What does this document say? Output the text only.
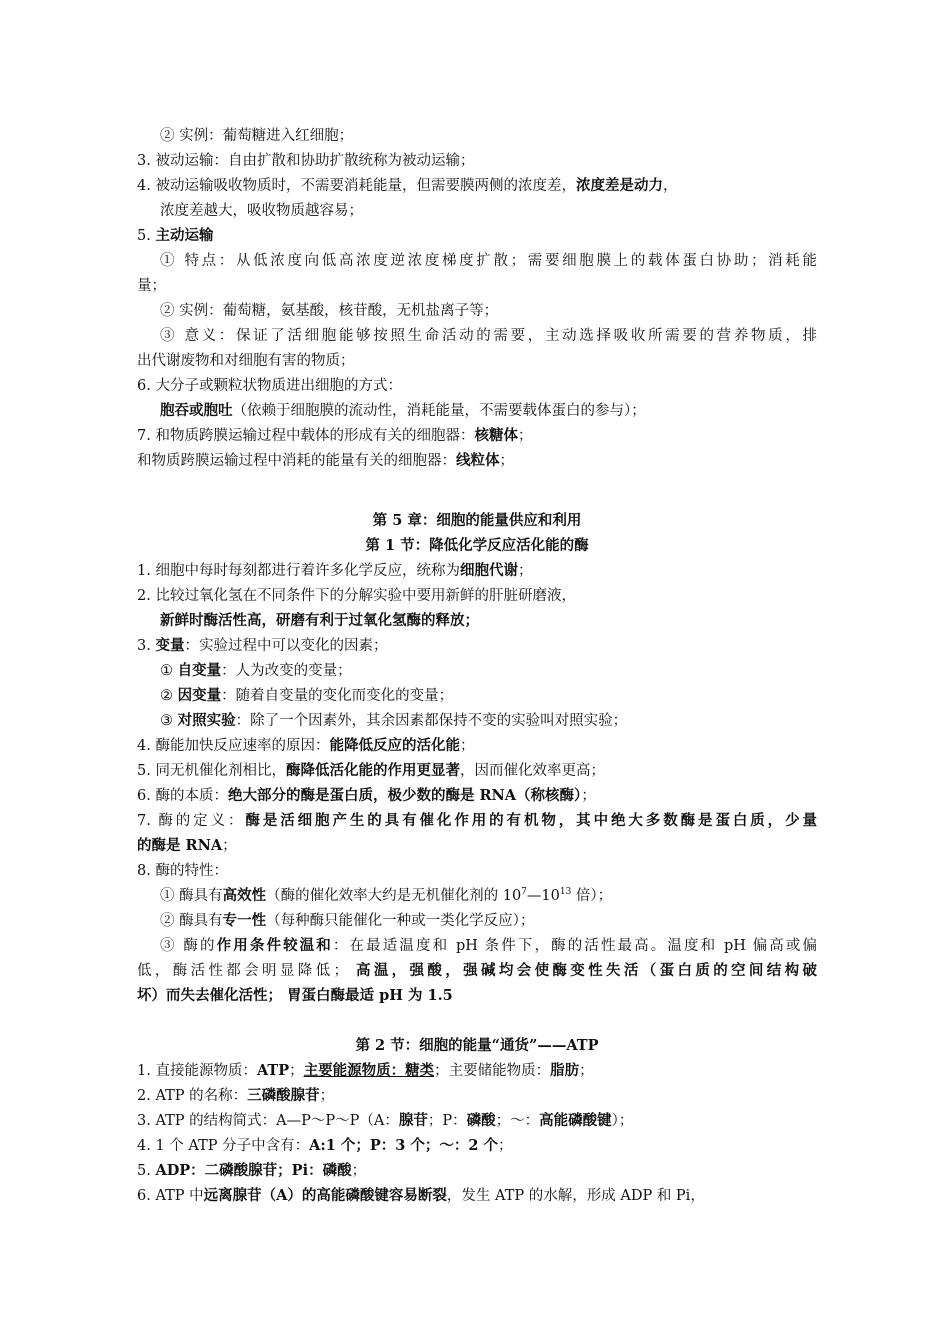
② 实例：葡萄糖进入红细胞；
3. 被动运输：自由扩散和协助扩散统称为被动运输；
4. 被动运输吸收物质时，不需要消耗能量，但需要膜两侧的浓度差，浓度差是动力，
浓度差越大，吸收物质越容易；
5. 主动运输
① 特点：从低浓度向低高浓度逆浓度梯度扩散；需要细胞膜上的载体蛋白协助；消耗能
量；
② 实例：葡萄糖，氨基酸，核苷酸，无机盐离子等；
③ 意义：保证了活细胞能够按照生命活动的需要，主动选择吸收所需要的营养物质，排
出代谢废物和对细胞有害的物质；
6. 大分子或颗粒状物质进出细胞的方式：
胞吞或胞吐（依赖于细胞膜的流动性，消耗能量，不需要载体蛋白的参与）；
7. 和物质跨膜运输过程中载体的形成有关的细胞器：核糖体；
和物质跨膜运输过程中消耗的能量有关的细胞器：线粒体；
第 5 章：细胞的能量供应和利用
第 1 节：降低化学反应活化能的酶
1. 细胞中每时每刻都进行着许多化学反应，统称为细胞代谢；
2. 比较过氧化氢在不同条件下的分解实验中要用新鲜的肝脏研磨液，
新鲜时酶活性高，研磨有利于过氧化氢酶的释放；
3. 变量：实验过程中可以变化的因素；
① 自变量：人为改变的变量；
② 因变量：随着自变量的变化而变化的变量；
③ 对照实验：除了一个因素外，其余因素都保持不变的实验叫对照实验；
4. 酶能加快反应速率的原因：能降低反应的活化能；
5. 同无机催化剂相比，酶降低活化能的作用更显著，因而催化效率更高；
6. 酶的本质：绝大部分的酶是蛋白质，极少数的酶是 RNA（称核酶）；
7. 酶的定义：酶是活细胞产生的具有催化作用的有机物，其中绝大多数酶是蛋白质，少量
的酶是 RNA；
8. 酶的特性：
① 酶具有高效性（酶的催化效率大约是无机催化剂的 $10^7—10^{13}$ 倍）；
② 酶具有专一性（每种酶只能催化一种或一类化学反应）；
③ 酶的作用条件较温和：在最适温度和 pH 条件下，酶的活性最高。温度和 pH 偏高或偏
低，酶活性都会明显降低； 高温，强酸，强碱均会使酶变性失活（蛋白质的空间结构破
坏）而失去催化活性； 胃蛋白酶最适 pH 为 1.5
第 2 节：细胞的能量“通货”——ATP
1. 直接能源物质：ATP；主要能源物质：糖类；主要储能物质：脂肪；
2. ATP 的名称：三磷酸腺苷；
3. ATP 的结构简式：A—P～P～P（A：腺苷；P：磷酸；～：高能磷酸键）；
4. 1 个 ATP 分子中含有：A:1 个；P：3 个；～：2 个；
5. ADP：二磷酸腺苷；Pi：磷酸；
6. ATP 中远离腺苷（A）的高能磷酸键容易断裂，发生 ATP 的水解，形成 ADP 和 Pi，
